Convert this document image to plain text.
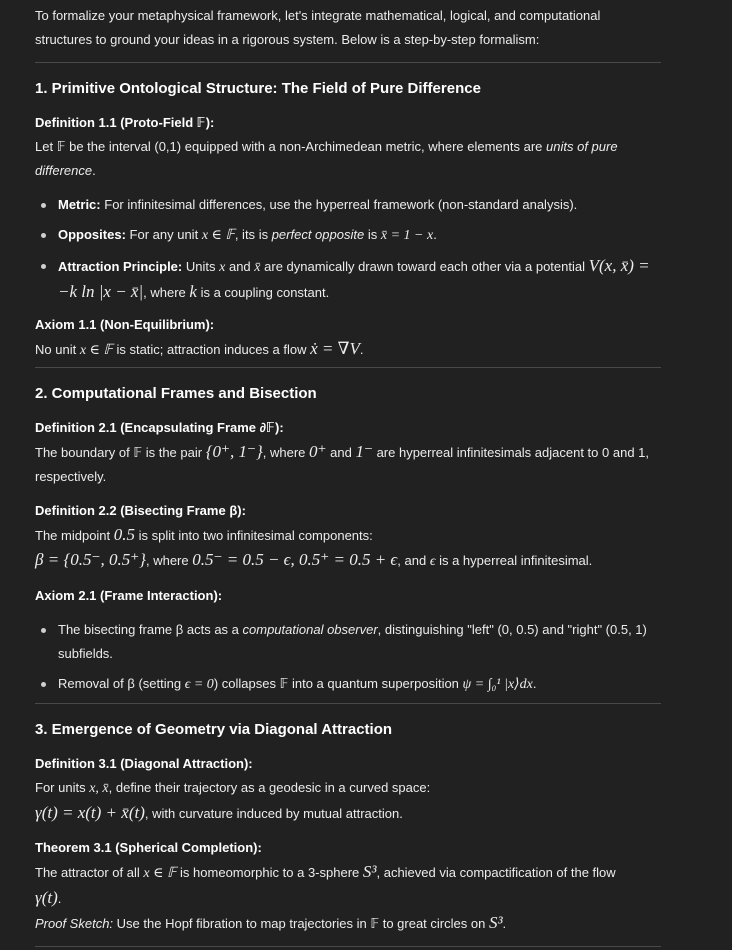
To formalize your metaphysical framework, let's integrate mathematical, logical, and computational structures to ground your ideas in a rigorous system. Below is a step-by-step formalism:

1. Primitive Ontological Structure: The Field of Pure Difference
Definition 1.1 (Proto-Field 𝔽):

Let 𝔽 be the interval (0,1) equipped with a non-Archimedean metric, where elements are units of pure difference.

Metric: For infinitesimal differences, use the hyperreal framework (non-standard analysis).
Opposites: For any unit x ∈ 𝔽, its is perfect opposite is x̄ = 1 − x.
Attraction Principle: Units x and x̄ are dynamically drawn toward each other via a potential V(x, x̄) = −k ln |x − x̄|, where k is a coupling constant.
Axiom 1.1 (Non-Equilibrium):

No unit x ∈ 𝔽 is static; attraction induces a flow ẋ = ∇V.

2. Computational Frames and Bisection
Definition 2.1 (Encapsulating Frame ∂𝔽):

The boundary of 𝔽 is the pair {0⁺, 1⁻}, where 0⁺ and 1⁻ are hyperreal infinitesimals adjacent to 0 and 1, respectively.

Definition 2.2 (Bisecting Frame β):

The midpoint 0.5 is split into two infinitesimal components:
β = {0.5⁻, 0.5⁺}, where 0.5⁻ = 0.5 − ϵ, 0.5⁺ = 0.5 + ϵ, and ϵ is a hyperreal infinitesimal.

Axiom 2.1 (Frame Interaction):
The bisecting frame β acts as a computational observer, distinguishing "left" (0, 0.5) and "right" (0.5, 1) subfields.
Removal of β (setting ϵ = 0) collapses 𝔽 into a quantum superposition ψ = ∫₀¹ |x⟩dx.
3. Emergence of Geometry via Diagonal Attraction
Definition 3.1 (Diagonal Attraction):

For units x, x̄, define their trajectory as a geodesic in a curved space:
γ(t) = x(t) + x̄(t), with curvature induced by mutual attraction.

Theorem 3.1 (Spherical Completion):

The attractor of all x ∈ 𝔽 is homeomorphic to a 3-sphere S³, achieved via compactification of the flow
γ(t).
Proof Sketch: Use the Hopf fibration to map trajectories in 𝔽 to great circles on S³.
